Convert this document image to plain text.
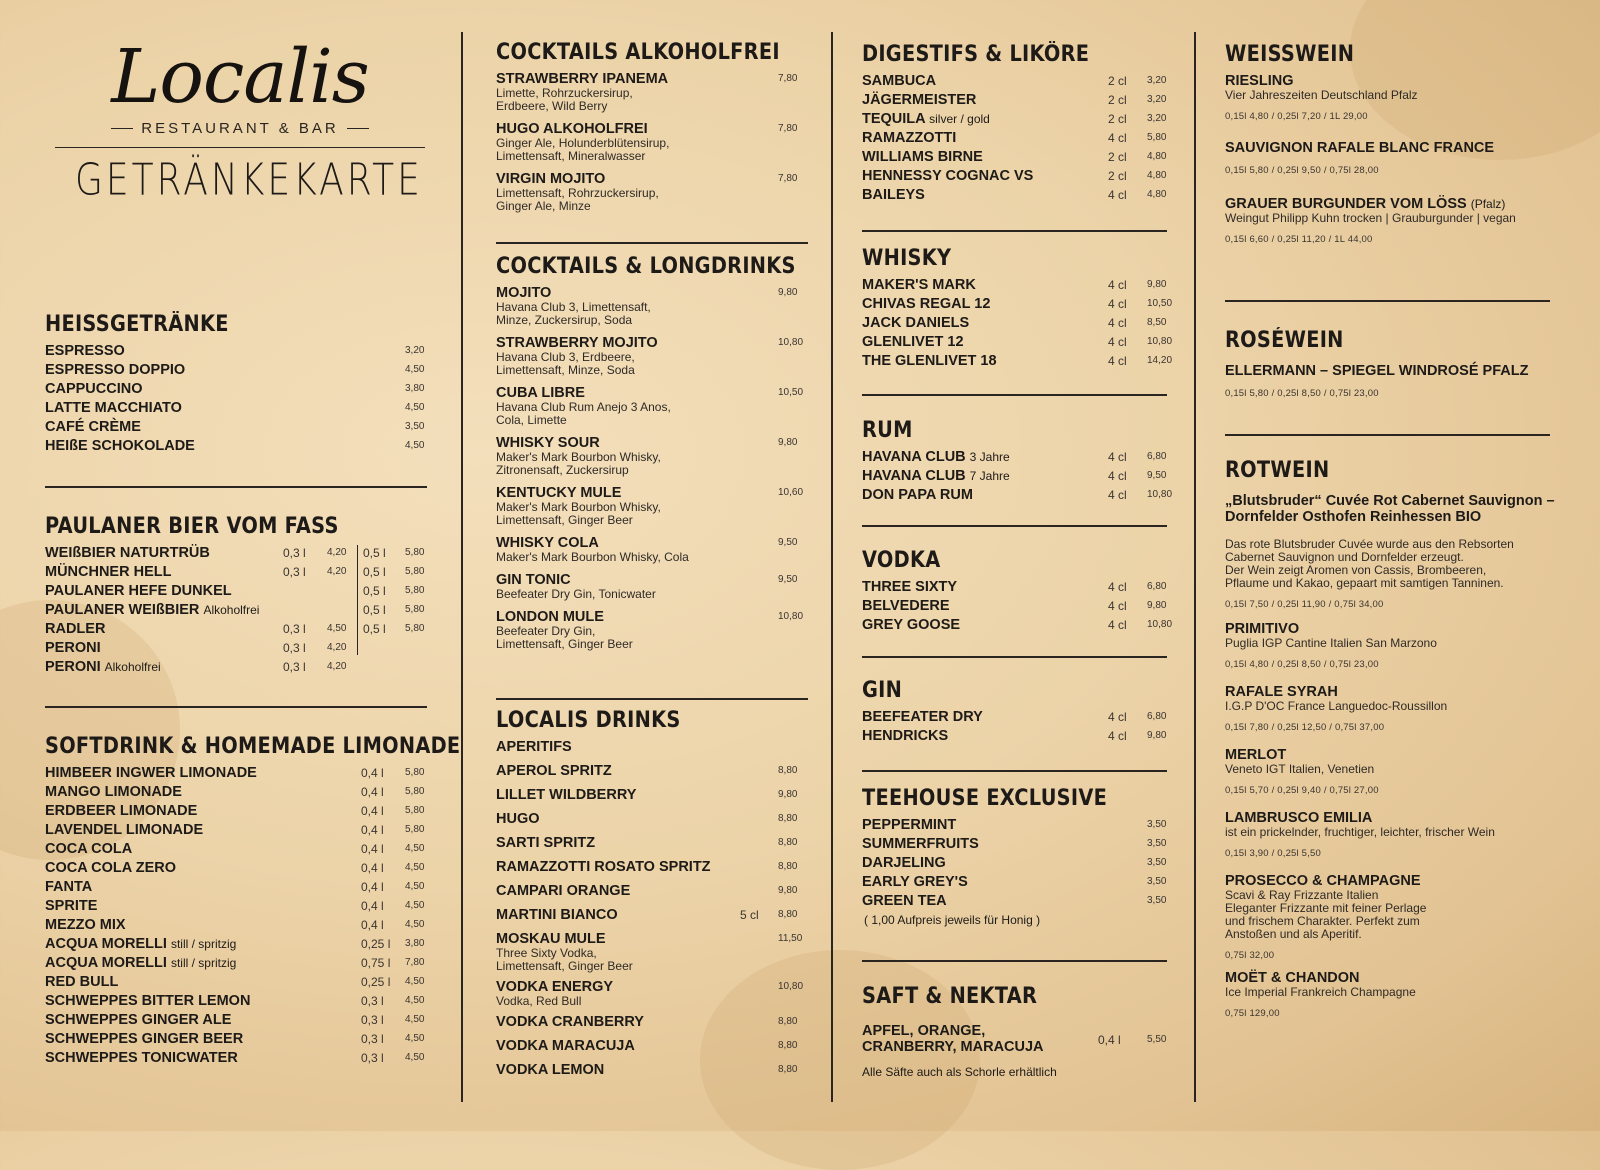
Localis
RESTAURANT & BAR
GETRÄNKEKARTE
HEISSGETRÄNKE
ESPRESSO	3,20
ESPRESSO DOPPIO	4,50
CAPPUCCINO	3,80
LATTE MACCHIATO	4,50
CAFÉ CRÈME	3,50
HEIßE SCHOKOLADE	4,50
PAULANER BIER VOM FASS
WEIßBIER NATURTRÜB	0,3 l 4,20 0,5 l 5,80
MÜNCHNER HELL	0,3 l 4,20 0,5 l 5,80
PAULANER HEFE DUNKEL	0,5 l 5,80
PAULANER WEIßBIER Alkoholfrei	0,5 l 5,80
RADLER	0,3 l 4,50 0,5 l 5,80
PERONI	0,3 l 4,20
PERONI Alkoholfrei	0,3 l 4,20
SOFTDRINK & HOMEMADE LIMONADE
HIMBEER INGWER LIMONADE	0,4 l 5,80
MANGO LIMONADE	0,4 l 5,80
ERDBEER LIMONADE	0,4 l 5,80
LAVENDEL LIMONADE	0,4 l 5,80
COCA COLA	0,4 l 4,50
COCA COLA ZERO	0,4 l 4,50
FANTA	0,4 l 4,50
SPRITE	0,4 l 4,50
MEZZO MIX	0,4 l 4,50
ACQUA MORELLI still / spritzig	0,25 l 3,80
ACQUA MORELLI still / spritzig	0,75 l 7,80
RED BULL	0,25 l 4,50
SCHWEPPES BITTER LEMON	0,3 l 4,50
SCHWEPPES GINGER ALE	0,3 l 4,50
SCHWEPPES GINGER BEER	0,3 l 4,50
SCHWEPPES TONICWATER	0,3 l 4,50
COCKTAILS ALKOHOLFREI
STRAWBERRY IPANEMA
Limette, Rohrzuckersirup,
Erdbeere, Wild Berry
7,80
HUGO ALKOHOLFREI
Ginger Ale, Holunderblütensirup,
Limettensaft, Mineralwasser
7,80
VIRGIN MOJITO
Limettensaft, Rohrzuckersirup,
Ginger Ale, Minze
7,80
COCKTAILS & LONGDRINKS
MOJITO
Havana Club 3, Limettensaft,
Minze, Zuckersirup, Soda
9,80
STRAWBERRY MOJITO
Havana Club 3, Erdbeere,
Limettensaft, Minze, Soda
10,80
CUBA LIBRE
Havana Club Rum Anejo 3 Anos,
Cola, Limette
10,50
WHISKY SOUR
Maker's Mark Bourbon Whisky,
Zitronensaft, Zuckersirup
9,80
KENTUCKY MULE
Maker's Mark Bourbon Whisky,
Limettensaft, Ginger Beer
10,60
WHISKY COLA
Maker's Mark Bourbon Whisky, Cola
9,50
GIN TONIC
Beefeater Dry Gin, Tonicwater
9,50
LONDON MULE
Beefeater Dry Gin,
Limettensaft, Ginger Beer
10,80
LOCALIS DRINKS
APERITIFS
APEROL SPRITZ	8,80
LILLET WILDBERRY	9,80
HUGO	8,80
SARTI SPRITZ	8,80
RAMAZZOTTI ROSATO SPRITZ	8,80
CAMPARI ORANGE	9,80
MARTINI BIANCO	5 cl 8,80
MOSKAU MULE
Three Sixty Vodka,
Limettensaft, Ginger Beer
11,50
VODKA ENERGY
Vodka, Red Bull
10,80
VODKA CRANBERRY	8,80
VODKA MARACUJA	8,80
VODKA LEMON	8,80
DIGESTIFS & LIKÖRE
SAMBUCA	2 cl 3,20
JÄGERMEISTER	2 cl 3,20
TEQUILA silver / gold	2 cl 3,20
RAMAZZOTTI	4 cl 5,80
WILLIAMS BIRNE	2 cl 4,80
HENNESSY COGNAC VS	2 cl 4,80
BAILEYS	4 cl 4,80
WHISKY
MAKER'S MARK	4 cl 9,80
CHIVAS REGAL 12	4 cl 10,50
JACK DANIELS	4 cl 8,50
GLENLIVET 12	4 cl 10,80
THE GLENLIVET 18	4 cl 14,20
RUM
HAVANA CLUB 3 Jahre	4 cl 6,80
HAVANA CLUB 7 Jahre	4 cl 9,50
DON PAPA RUM	4 cl 10,80
VODKA
THREE SIXTY	4 cl 6,80
BELVEDERE	4 cl 9,80
GREY GOOSE	4 cl 10,80
GIN
BEEFEATER DRY	4 cl 6,80
HENDRICKS	4 cl 9,80
TEEHOUSE EXCLUSIVE
PEPPERMINT	3,50
SUMMERFRUITS	3,50
DARJELING	3,50
EARLY GREY'S	3,50
GREEN TEA	3,50
( 1,00 Aufpreis jeweils für Honig )
SAFT & NEKTAR
APFEL, ORANGE,
CRANBERRY, MARACUJA	0,4 l	5,50
Alle Säfte auch als Schorle erhältlich
WEISSWEIN
RIESLING
Vier Jahreszeiten Deutschland Pfalz
0,15l 4,80 / 0,25l 7,20 / 1L 29,00
SAUVIGNON RAFALE BLANC FRANCE
0,15l 5,80 / 0,25l 9,50 / 0,75l 28,00
GRAUER BURGUNDER VOM LÖSS (Pfalz)
Weingut Philipp Kuhn trocken | Grauburgunder | vegan
0,15l 6,60 / 0,25l 11,20 / 1L 44,00
ROSÉWEIN
ELLERMANN – SPIEGEL WINDROSÉ PFALZ
0,15l 5,80 / 0,25l 8,50 / 0,75l 23,00
ROTWEIN
„Blutsbruder“ Cuvée Rot Cabernet Sauvignon –
Dornfelder Osthofen Reinhessen BIO

Das rote Blutsbruder Cuvée wurde aus den Rebsorten
Cabernet Sauvignon und Dornfelder erzeugt.
Der Wein zeigt Aromen von Cassis, Brombeeren,
Pflaume und Kakao, gepaart mit samtigen Tanninen.
0,15l 7,50 / 0,25l 11,90 / 0,75l 34,00
PRIMITIVO
Puglia IGP Cantine Italien San Marzono
0,15l 4,80 / 0,25l 8,50 / 0,75l 23,00
RAFALE SYRAH
I.G.P D'OC France Languedoc-Roussillon
0,15l 7,80 / 0,25l 12,50 / 0,75l 37,00
MERLOT
Veneto IGT Italien, Venetien
0,15l 5,70 / 0,25l 9,40 / 0,75l 27,00
LAMBRUSCO EMILIA
ist ein prickelnder, fruchtiger, leichter, frischer Wein
0,15l 3,90 / 0,25l 5,50
PROSECCO & CHAMPAGNE
Scavi & Ray Frizzante Italien
Eleganter Frizzante mit feiner Perlage
und frischem Charakter. Perfekt zum
Anstoßen und als Aperitif.
0,75l 32,00
MOËT & CHANDON
Ice Imperial Frankreich Champagne
0,75l 129,00
